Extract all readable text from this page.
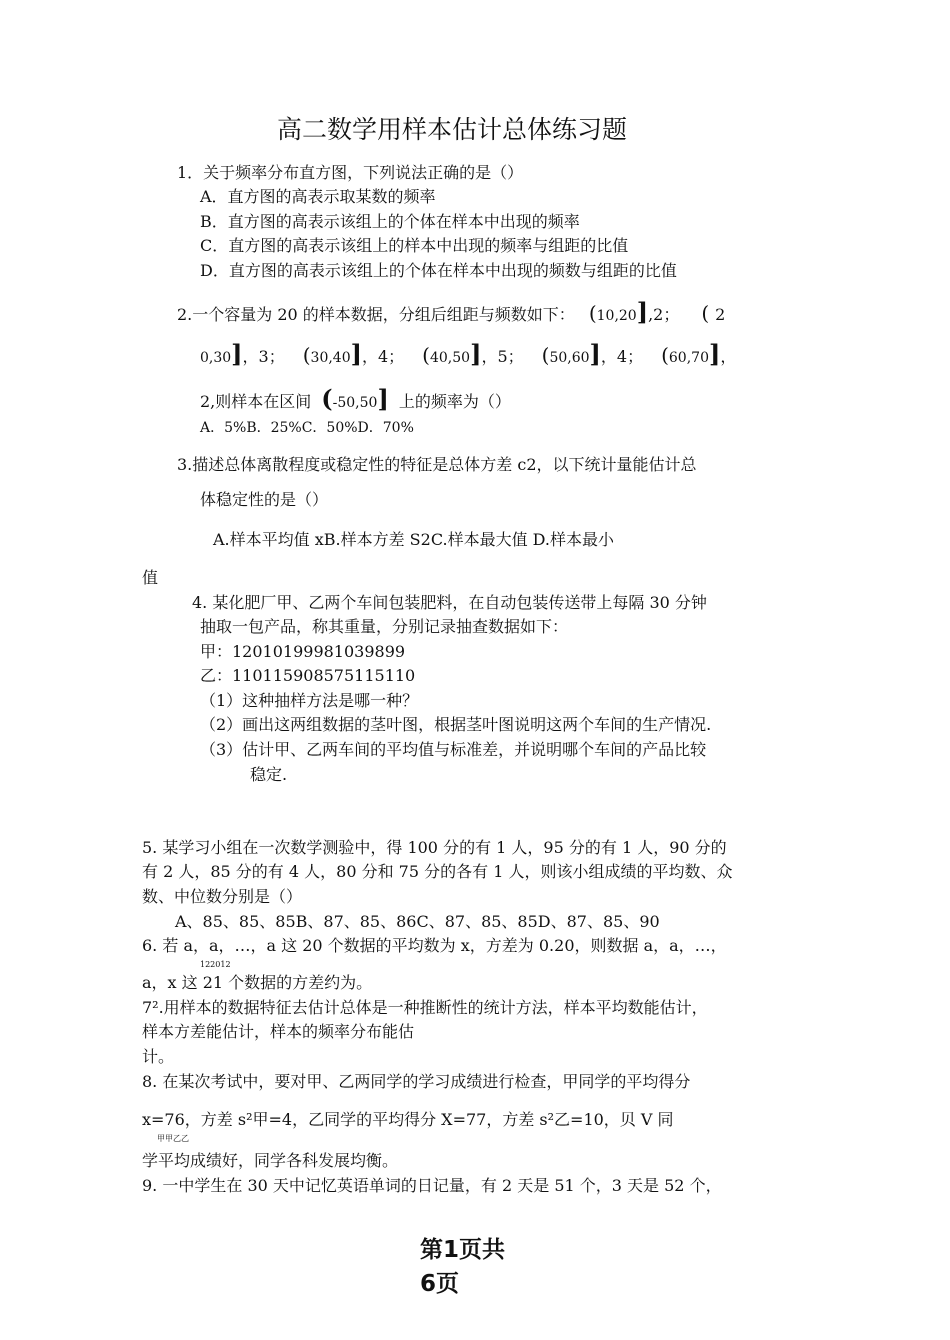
高二数学用样本估计总体练习题
1．关于频率分布直方图，下列说法正确的是（）
A．直方图的高表示取某数的频率
B．直方图的高表示该组上的个体在样本中出现的频率
C．直方图的高表示该组上的样本中出现的频率与组距的比值
D．直方图的高表示该组上的个体在样本中出现的频数与组距的比值
2.一个容量为 20 的样本数据，分组后组距与频数如下： (10,20],2； ( 2
0,30]，3； (30,40]，4； (40,50]，5； (50,60]，4； (60,70]，
2,则样本在区间 (-50,50] 上的频率为（）
A．5%B．25%C．50%D．70%
3.描述总体离散程度或稳定性的特征是总体方差 c2，以下统计量能估计总
体稳定性的是（）
A.样本平均值 xB.样本方差 S2C.样本最大值 D.样本最小
值
4. 某化肥厂甲、乙两个车间包装肥料，在自动包装传送带上每隔 30 分钟
抽取一包产品，称其重量，分别记录抽查数据如下：
甲：12010199981039899
乙：110115908575115110
（1）这种抽样方法是哪一种？
（2）画出这两组数据的茎叶图，根据茎叶图说明这两个车间的生产情况.
（3）估计甲、乙两车间的平均值与标准差，并说明哪个车间的产品比较
稳定.
5. 某学习小组在一次数学测验中，得 100 分的有 1 人，95 分的有 1 人，90 分的
有 2 人，85 分的有 4 人，80 分和 75 分的各有 1 人，则该小组成绩的平均数、众
数、中位数分别是（）
A、85、85、85B、87、85、86C、87、85、85D、87、85、90
6. 若 a，a，…，a 这 20 个数据的平均数为 x，方差为 0.20，则数据 a，a，…，
122012
a，x 这 21 个数据的方差约为。
7².用样本的数据特征去估计总体是一种推断性的统计方法，样本平均数能估计，
样本方差能估计，样本的频率分布能估
计。
8. 在某次考试中，要对甲、乙两同学的学习成绩进行检查，甲同学的平均得分
x=76，方差 s²甲=4，乙同学的平均得分 X=77，方差 s²乙=10，贝 V 同
甲甲乙乙
学平均成绩好，同学各科发展均衡。
9. 一中学生在 30 天中记忆英语单词的日记量，有 2 天是 51 个，3 天是 52 个，
第1页共
6页
